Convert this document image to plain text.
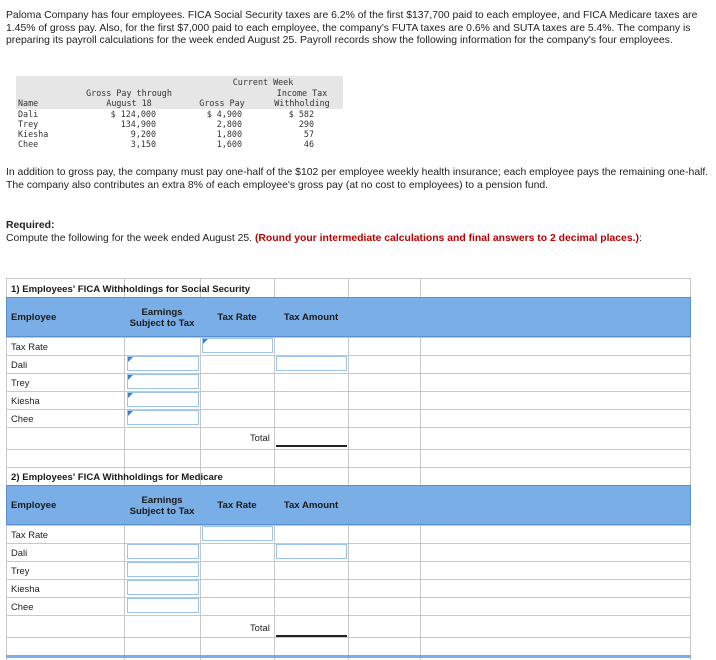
Paloma Company has four employees. FICA Social Security taxes are 6.2% of the first $137,700 paid to each employee, and FICA Medicare taxes are 1.45% of gross pay. Also, for the first $7,000 paid to each employee, the company's FUTA taxes are 0.6% and SUTA taxes are 5.4%. The company is preparing its payroll calculations for the week ended August 25. Payroll records show the following information for the company's four employees.
Current Week
Income Tax
Gross Pay through
August 18	Gross Pay	Withholding
Name
Dali	$ 124,000	$ 4,900	$ 582
Trey	134,900	2,800	290
Kiesha	9,200	1,800	57
Chee	3,150	1,600	46
In addition to gross pay, the company must pay one-half of the $102 per employee weekly health insurance; each employee pays the remaining one-half. The company also contributes an extra 8% of each employee's gross pay (at no cost to employees) to a pension fund.
Required:
Compute the following for the week ended August 25. (Round your intermediate calculations and final answers to 2 decimal places.):
1) Employees' FICA Withholdings for Social Security
Employee	Earnings
Subject to Tax
Tax Rate	Tax Amount
Tax Rate
Dali
Trey
Kiesha
Chee
Total
2) Employees' FICA Withholdings for Medicare
Employee	Earnings
Subject to Tax
Tax Rate	Tax Amount
Tax Rate
Dali
Trey
Kiesha
Chee
Total
